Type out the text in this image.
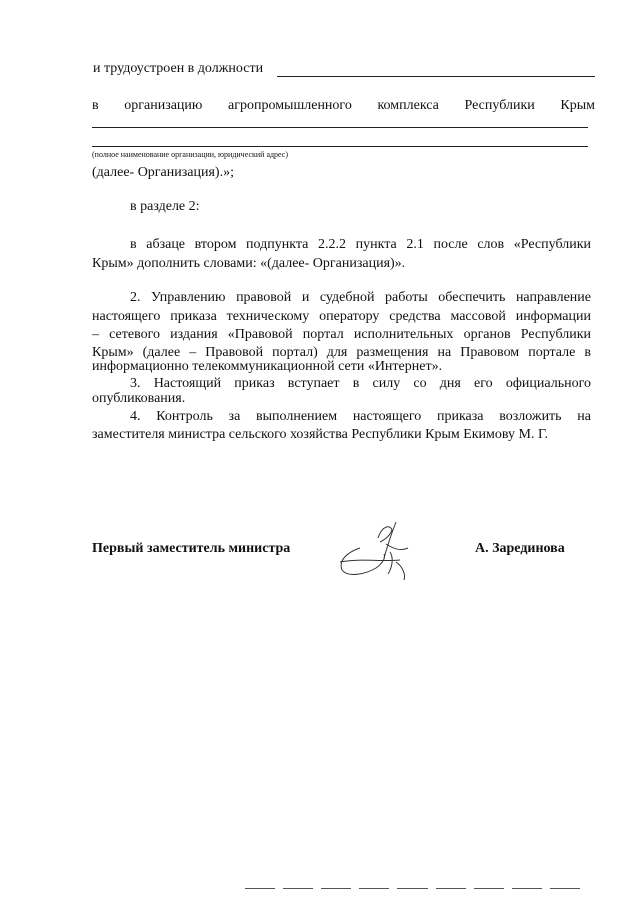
и трудоустроен в должности
в организацию агропромышленного комплекса Республики Крым
(полное наименование организации, юридический адрес)
(далее- Организация).»;
в разделе 2:
в абзаце втором подпункта 2.2.2 пункта 2.1 после слов «Республики
Крым» дополнить словами: «(далее- Организация)».
2. Управлению правовой и судебной работы обеспечить направление
настоящего приказа техническому оператору средства массовой информации
– сетевого издания «Правовой портал исполнительных органов Республики
Крым» (далее – Правовой портал) для размещения на Правовом портале в
информационно телекоммуникационной сети «Интернет».
3. Настоящий приказ вступает в силу со дня его официального
опубликования.
4. Контроль за выполнением настоящего приказа возложить на
заместителя министра сельского хозяйства Республики Крым Екимову М. Г.
Первый заместитель министра	А. Зарединова
